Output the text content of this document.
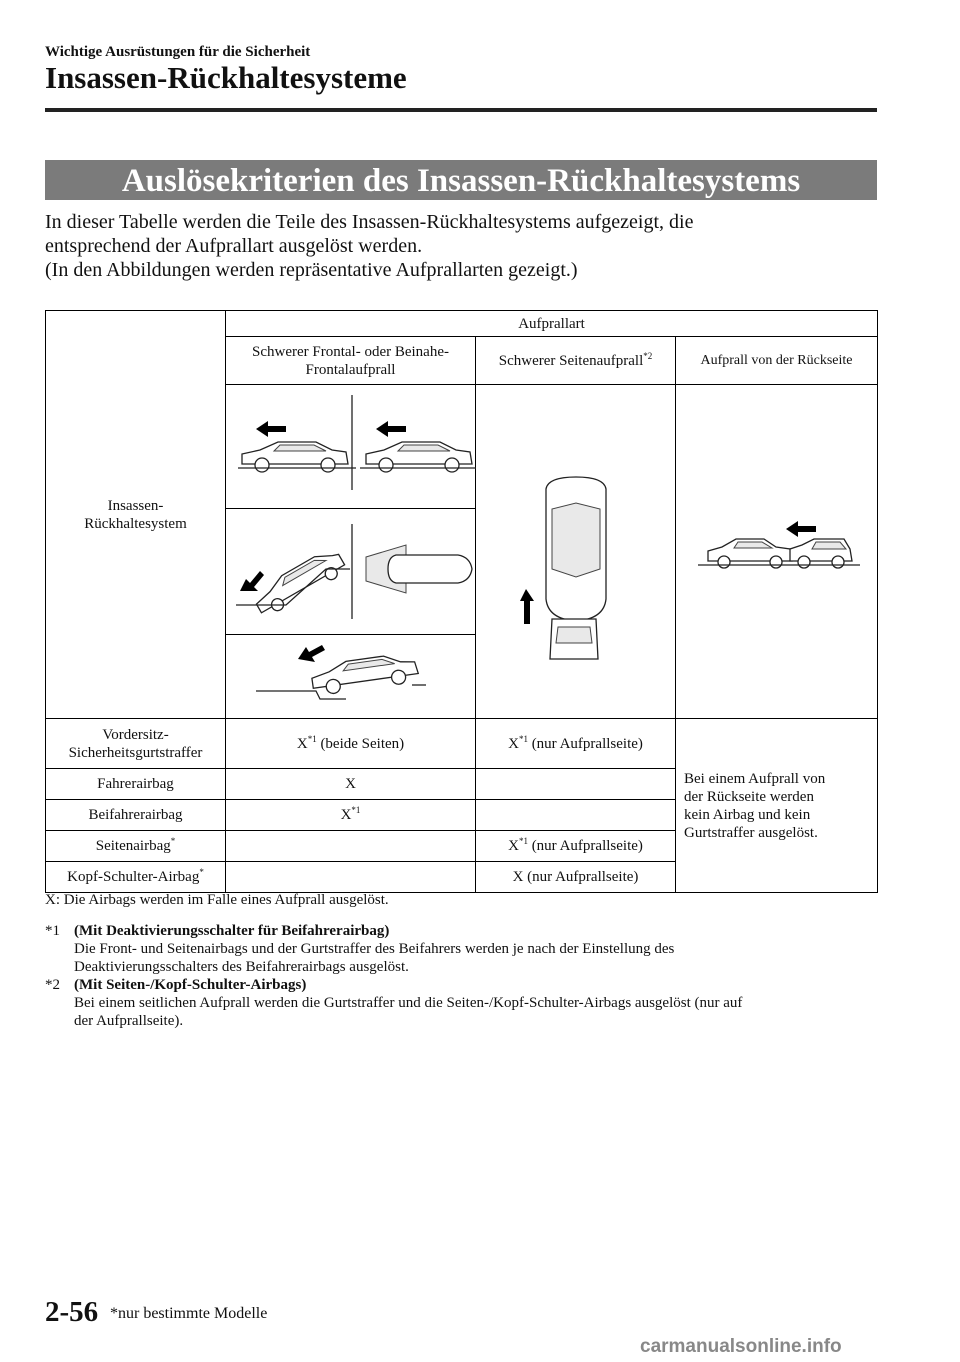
Wichtige Ausrüstungen für die Sicherheit
Insassen-Rückhaltesysteme
Auslösekriterien des Insassen-Rückhaltesystems
In dieser Tabelle werden die Teile des Insassen-Rückhaltesystems aufgezeigt, die
entsprechend der Aufprallart ausgelöst werden.
(In den Abbildungen werden repräsentative Aufprallarten gezeigt.)
Insassen-
Rückhaltesystem	Aufprallart		
	Schwerer Frontal- oder Beinahe-
Frontalaufprall	Schwerer Seitenaufprall$^{*2}$	Aufprall von der Rückseite

Vordersitz-
Sicherheitsgurtstraffer	$X^{*1}$ (beide Seiten)	$X^{*1}$ (nur Aufprallseite)	Bei einem Aufprall von
der Rückseite werden
kein Airbag und kein
Gurtstraffer ausgelöst.
Fahrerairbag	X		
Beifahrerairbag	$X^{*1}$	
Seitenairbag*		$X^{*1}$ (nur Aufprallseite)	
Kopf-Schulter-Airbag*		X (nur Aufprallseite)	
X: Die Airbags werden im Falle eines Aufprall ausgelöst.
*1 (Mit Deaktivierungsschalter für Beifahrerairbag)
Die Front- und Seitenairbags und der Gurtstraffer des Beifahrers werden je nach der Einstellung des
Deaktivierungsschalters des Beifahrerairbags ausgelöst.
*2 (Mit Seiten-/Kopf-Schulter-Airbags)
Bei einem seitlichen Aufprall werden die Gurtstraffer und die Seiten-/Kopf-Schulter-Airbags ausgelöst (nur auf
der Aufprallseite).
2-56 *nur bestimmte Modelle
carmanualsonline.info
